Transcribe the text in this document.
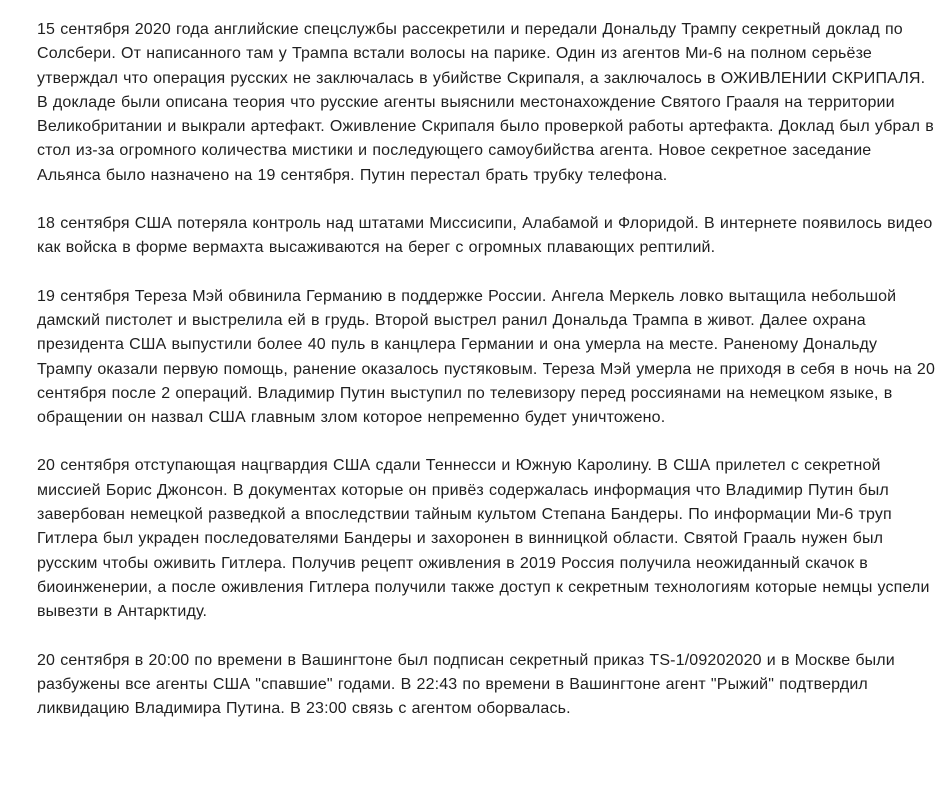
15 сентября 2020 года английские спецслужбы рассекретили и передали Дональду Трампу секретный доклад по Солсбери. От написанного там у Трампа встали волосы на парике. Один из агентов Ми-6 на полном серьёзе утверждал что операция русских не заключалась в убийстве Скрипаля, а заключалось в ОЖИВЛЕНИИ СКРИПАЛЯ. В докладе были описана теория что русские агенты выяснили местонахождение Святого Грааля на территории Великобритании и выкрали артефакт. Оживление Скрипаля было проверкой работы артефакта. Доклад был убрал в стол из-за огромного количества мистики и последующего самоубийства агента. Новое секретное заседание Альянса было назначено на 19 сентября. Путин перестал брать трубку телефона.

18 сентября США потеряла контроль над штатами Миссисипи, Алабамой и Флоридой. В интернете появилось видео как войска в форме вермахта высаживаются на берег с огромных плавающих рептилий.

19 сентября Тереза Мэй обвинила Германию в поддержке России. Ангела Меркель ловко вытащила небольшой дамский пистолет и выстрелила ей в грудь. Второй выстрел ранил Дональда Трампа в живот. Далее охрана президента США выпустили более 40 пуль в канцлера Германии и она умерла на месте. Раненому Дональду Трампу оказали первую помощь, ранение оказалось пустяковым. Тереза Мэй умерла не приходя в себя в ночь на 20 сентября после 2 операций. Владимир Путин выступил по телевизору перед россиянами на немецком языке, в обращении он назвал США главным злом которое непременно будет уничтожено.

20 сентября отступающая нацгвардия США сдали Теннесси и Южную Каролину. В США прилетел с секретной миссией Борис Джонсон. В документах которые он привёз содержалась информация что Владимир Путин был завербован немецкой разведкой а впоследствии тайным культом Степана Бандеры. По информации Ми-6 труп Гитлера был украден последователями Бандеры и захоронен в винницкой области. Святой Грааль нужен был русским чтобы оживить Гитлера. Получив рецепт оживления в 2019 Россия получила неожиданный скачок в биоинженерии, а после оживления Гитлера получили также доступ к секретным технологиям которые немцы успели вывезти в Антарктиду.

20 сентября в 20:00 по времени в Вашингтоне был подписан секретный приказ TS-1/09202020 и в Москве были разбужены все агенты США "спавшие" годами. В 22:43 по времени в Вашингтоне агент "Рыжий" подтвердил ликвидацию Владимира Путина. В 23:00 связь с агентом оборвалась.
